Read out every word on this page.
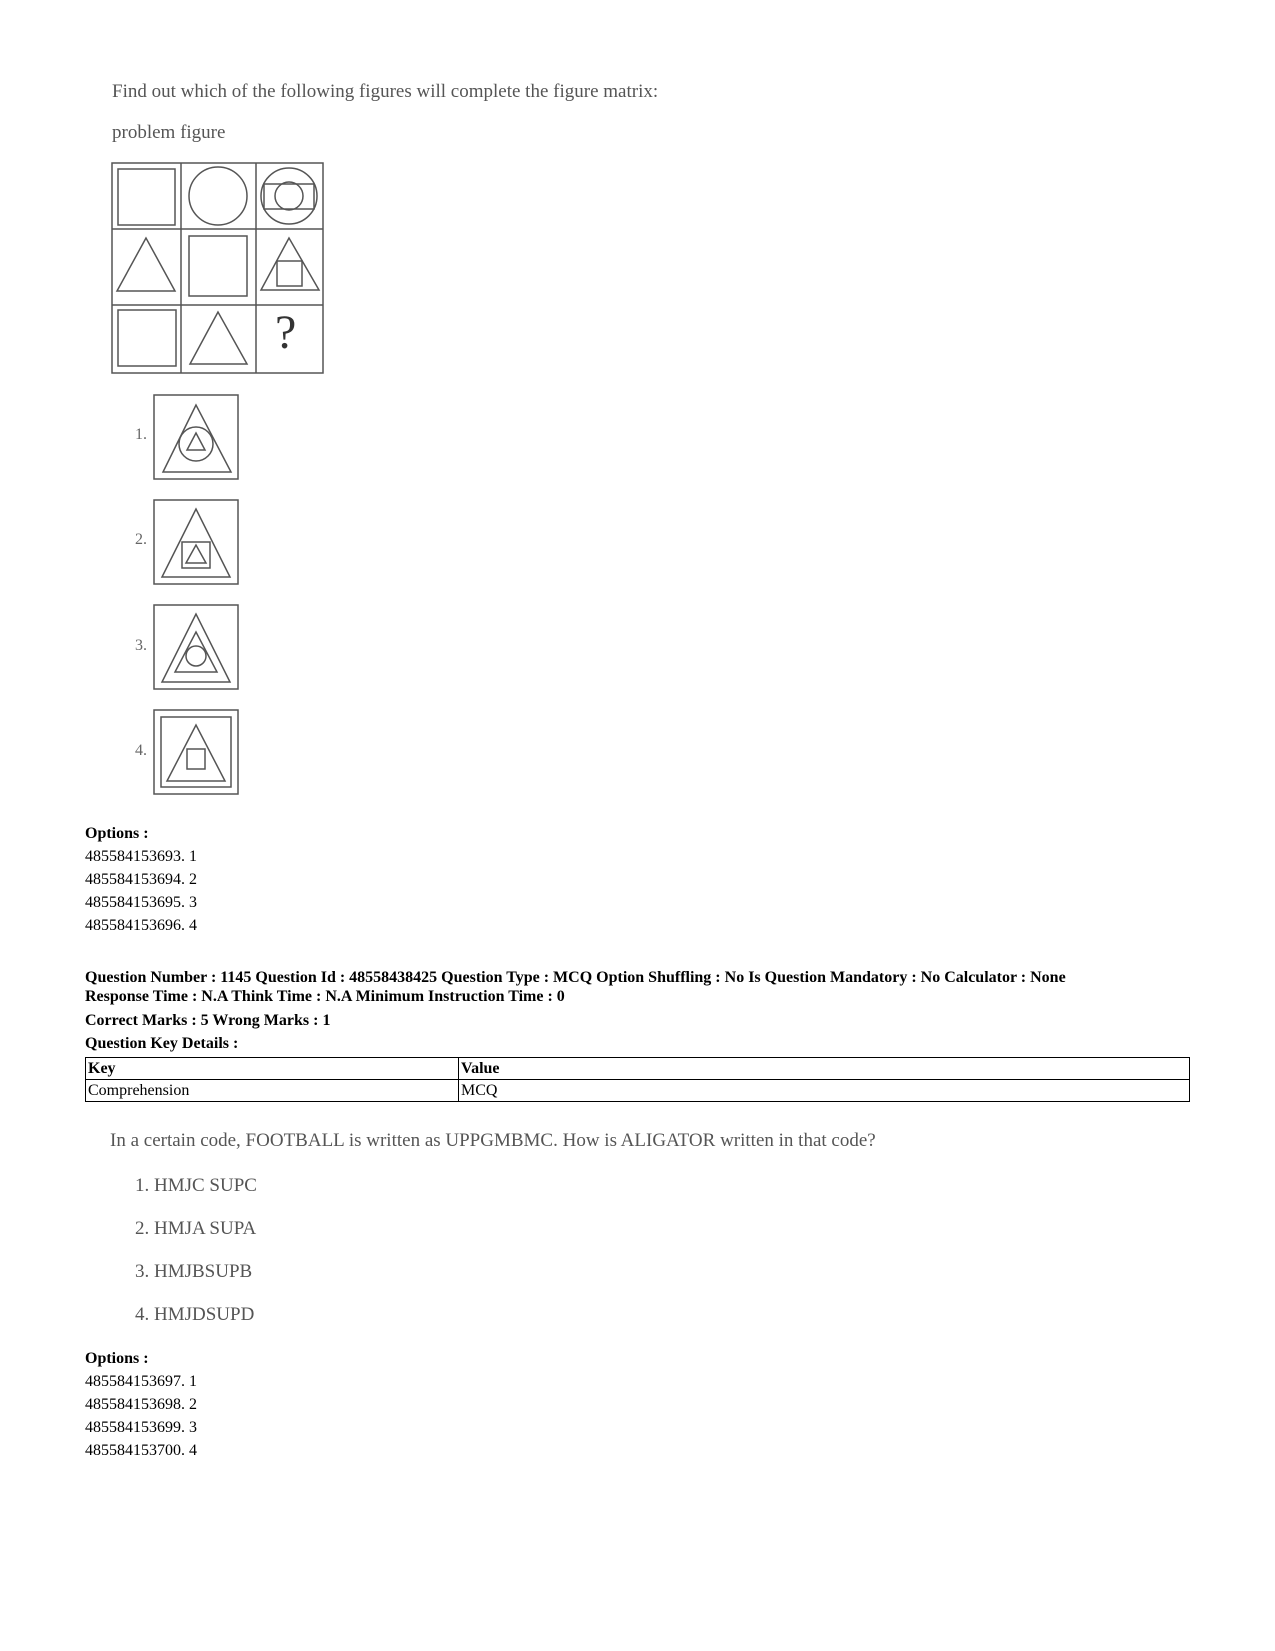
Find out which of the following figures will complete the figure matrix:
problem figure
?
1.
2.
3.
4.
Options :
485584153693. 1
485584153694. 2
485584153695. 3
485584153696. 4
Question Number : 1145 Question Id : 48558438425 Question Type : MCQ Option Shuffling : No Is Question Mandatory : No Calculator : None
Response Time : N.A Think Time : N.A Minimum Instruction Time : 0
Correct Marks : 5 Wrong Marks : 1
Question Key Details :
Key	Value
Comprehension	MCQ
In a certain code, FOOTBALL is written as UPPGMBMC. How is ALIGATOR written in that code?
1. HMJC SUPC
2. HMJA SUPA
3. HMJBSUPB
4. HMJDSUPD
Options :
485584153697. 1
485584153698. 2
485584153699. 3
485584153700. 4
